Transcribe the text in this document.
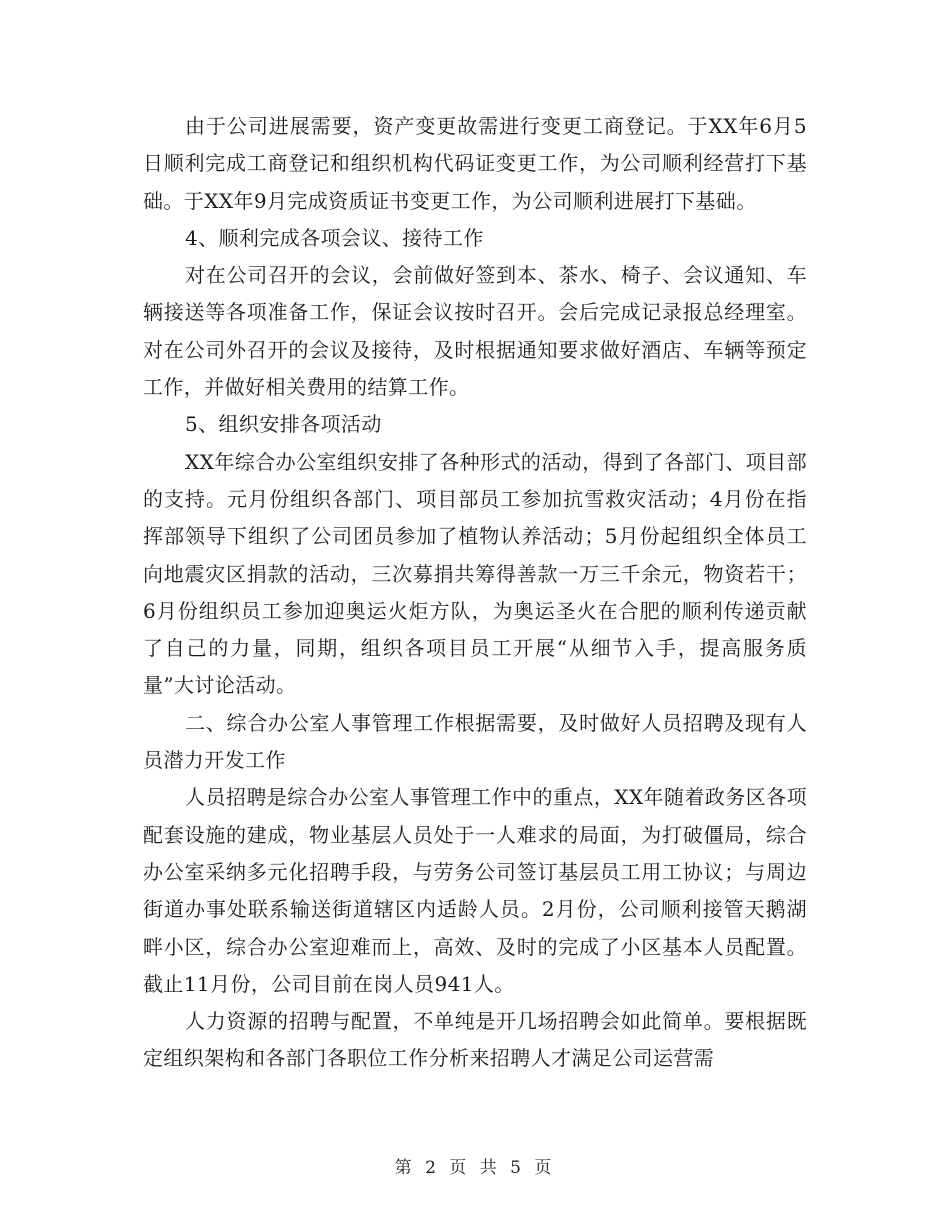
由于公司进展需要，资产变更故需进行变更工商登记。于XX年6月5日顺利完成工商登记和组织机构代码证变更工作，为公司顺利经营打下基础。于XX年9月完成资质证书变更工作，为公司顺利进展打下基础。

4、顺利完成各项会议、接待工作

对在公司召开的会议，会前做好签到本、茶水、椅子、会议通知、车辆接送等各项准备工作，保证会议按时召开。会后完成记录报总经理室。对在公司外召开的会议及接待，及时根据通知要求做好酒店、车辆等预定工作，并做好相关费用的结算工作。

5、组织安排各项活动

XX年综合办公室组织安排了各种形式的活动，得到了各部门、项目部的支持。元月份组织各部门、项目部员工参加抗雪救灾活动；4月份在指挥部领导下组织了公司团员参加了植物认养活动；5月份起组织全体员工向地震灾区捐款的活动，三次募捐共筹得善款一万三千余元，物资若干；6月份组织员工参加迎奥运火炬方队，为奥运圣火在合肥的顺利传递贡献了自己的力量，同期，组织各项目员工开展“从细节入手，提高服务质量”大讨论活动。

二、综合办公室人事管理工作根据需要，及时做好人员招聘及现有人员潜力开发工作

人员招聘是综合办公室人事管理工作中的重点，XX年随着政务区各项配套设施的建成，物业基层人员处于一人难求的局面，为打破僵局，综合办公室采纳多元化招聘手段，与劳务公司签订基层员工用工协议；与周边街道办事处联系输送街道辖区内适龄人员。2月份，公司顺利接管天鹅湖畔小区，综合办公室迎难而上，高效、及时的完成了小区基本人员配置。截止11月份，公司目前在岗人员941人。

人力资源的招聘与配置，不单纯是开几场招聘会如此简单。要根据既定组织架构和各部门各职位工作分析来招聘人才满足公司运营需

第 2 页 共 5 页
